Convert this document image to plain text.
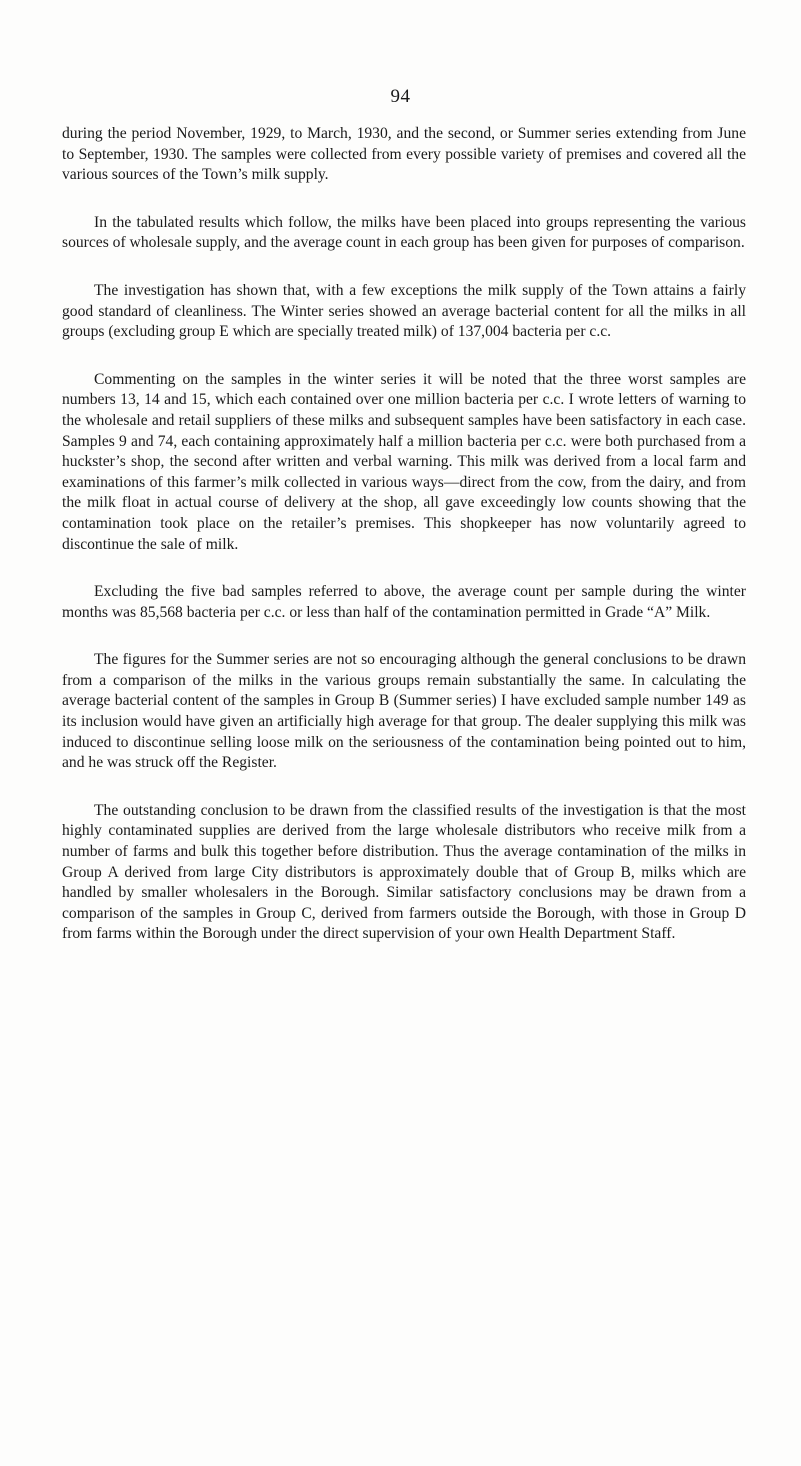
94

during the period November, 1929, to March, 1930, and the second, or Summer series extending from June to September, 1930. The samples were collected from every possible variety of premises and covered all the various sources of the Town’s milk supply.

In the tabulated results which follow, the milks have been placed into groups representing the various sources of wholesale supply, and the average count in each group has been given for purposes of comparison.

The investigation has shown that, with a few exceptions the milk supply of the Town attains a fairly good standard of cleanliness. The Winter series showed an average bacterial content for all the milks in all groups (excluding group E which are specially treated milk) of 137,004 bacteria per c.c.

Commenting on the samples in the winter series it will be noted that the three worst samples are numbers 13, 14 and 15, which each contained over one million bacteria per c.c. I wrote letters of warning to the wholesale and retail suppliers of these milks and subsequent samples have been satisfactory in each case. Samples 9 and 74, each containing approximately half a million bacteria per c.c. were both purchased from a huckster’s shop, the second after written and verbal warning. This milk was derived from a local farm and examinations of this farmer’s milk collected in various ways—direct from the cow, from the dairy, and from the milk float in actual course of delivery at the shop, all gave exceedingly low counts showing that the contamination took place on the retailer’s premises. This shopkeeper has now voluntarily agreed to discontinue the sale of milk.

Excluding the five bad samples referred to above, the average count per sample during the winter months was 85,568 bacteria per c.c. or less than half of the contamination permitted in Grade “A” Milk.

The figures for the Summer series are not so encouraging although the general conclusions to be drawn from a comparison of the milks in the various groups remain substantially the same. In calculating the average bacterial content of the samples in Group B (Summer series) I have excluded sample number 149 as its inclusion would have given an artificially high average for that group. The dealer supplying this milk was induced to discontinue selling loose milk on the seriousness of the contamination being pointed out to him, and he was struck off the Register.

The outstanding conclusion to be drawn from the classified results of the investigation is that the most highly contaminated supplies are derived from the large wholesale distributors who receive milk from a number of farms and bulk this together before distribution. Thus the average contamination of the milks in Group A derived from large City distributors is approximately double that of Group B, milks which are handled by smaller wholesalers in the Borough. Similar satisfactory conclusions may be drawn from a comparison of the samples in Group C, derived from farmers outside the Borough, with those in Group D from farms within the Borough under the direct supervision of your own Health Department Staff.
